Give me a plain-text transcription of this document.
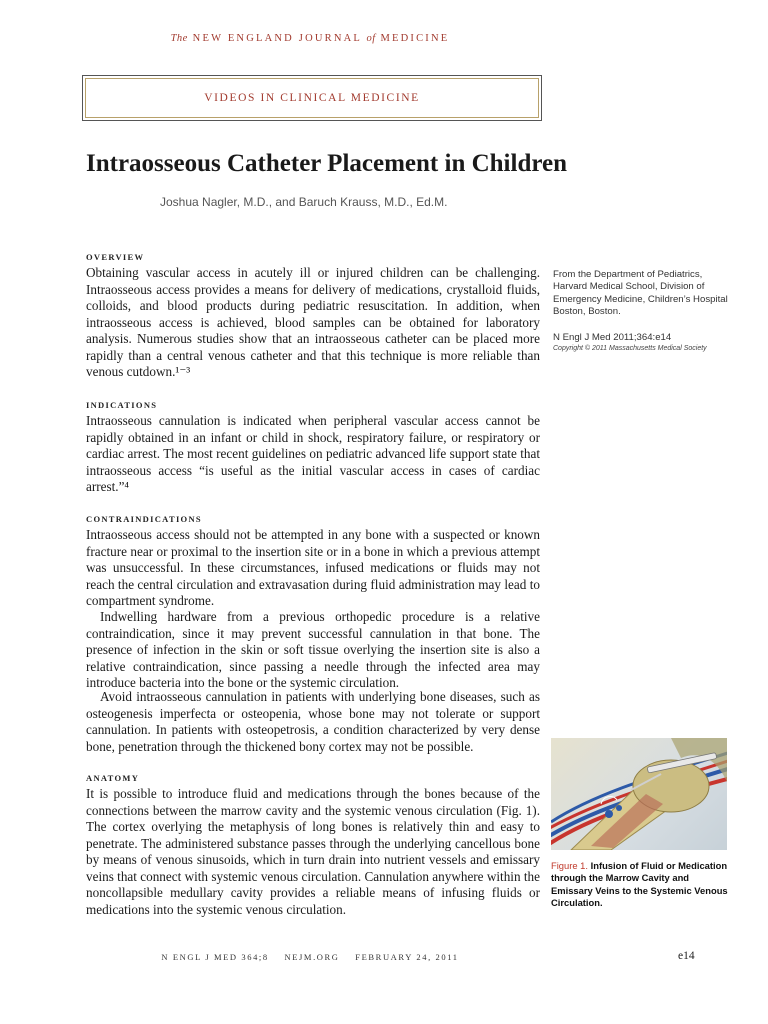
The NEW ENGLAND JOURNAL of MEDICINE
VIDEOS IN CLINICAL MEDICINE
Intraosseous Catheter Placement in Children
Joshua Nagler, M.D., and Baruch Krauss, M.D., Ed.M.
OVERVIEW

Obtaining vascular access in acutely ill or injured children can be challenging. Intraosseous access provides a means for delivery of medications, crystalloid fluids, colloids, and blood products during pediatric resuscitation. In addition, when intraosseous access is achieved, blood samples can be obtained for laboratory analysis. Numerous studies show that an intraosseous catheter can be placed more rapidly than a central venous catheter and that this technique is more reliable than venous cutdown.¹⁻³

INDICATIONS

Intraosseous cannulation is indicated when peripheral vascular access cannot be rapidly obtained in an infant or child in shock, respiratory failure, or respiratory or cardiac arrest. The most recent guidelines on pediatric advanced life support state that intraosseous access “is useful as the initial vascular access in cases of cardiac arrest.”⁴

CONTRAINDICATIONS

Intraosseous access should not be attempted in any bone with a suspected or known fracture near or proximal to the insertion site or in a bone in which a previous attempt was unsuccessful. In these circumstances, infused medications or fluids may not reach the central circulation and extravasation during fluid administration may lead to compartment syndrome.

Indwelling hardware from a previous orthopedic procedure is a relative contraindication, since it may prevent successful cannulation in that bone. The presence of infection in the skin or soft tissue overlying the insertion site is also a relative contraindication, since passing a needle through the infected area may introduce bacteria into the bone or the systemic circulation.

Avoid intraosseous cannulation in patients with underlying bone diseases, such as osteogenesis imperfecta or osteopenia, whose bone may not tolerate or support cannulation. In patients with osteopetrosis, a condition characterized by very dense bone, penetration through the thickened bony cortex may not be possible.

ANATOMY

It is possible to introduce fluid and medications through the bones because of the connections between the marrow cavity and the systemic venous circulation (Fig. 1). The cortex overlying the metaphysis of long bones is relatively thin and easy to penetrate. The administered substance passes through the underlying cancellous bone by means of venous sinusoids, which in turn drain into nutrient vessels and emissary veins that connect with systemic venous circulation. Cannulation anywhere within the noncollapsible medullary cavity provides a reliable means of infusing fluids or medications into the systemic venous circulation.

From the Department of Pediatrics, Harvard Medical School, Division of Emergency Medicine, Children’s Hospital Boston, Boston.

N Engl J Med 2011;364:e14

Copyright © 2011 Massachusetts Medical Society

Figure 1. Infusion of Fluid or Medication through the Marrow Cavity and Emissary Veins to the Systemic Venous Circulation.
N ENGL J MED 364;8 NEJM.ORG FEBRUARY 24, 2011	e14
